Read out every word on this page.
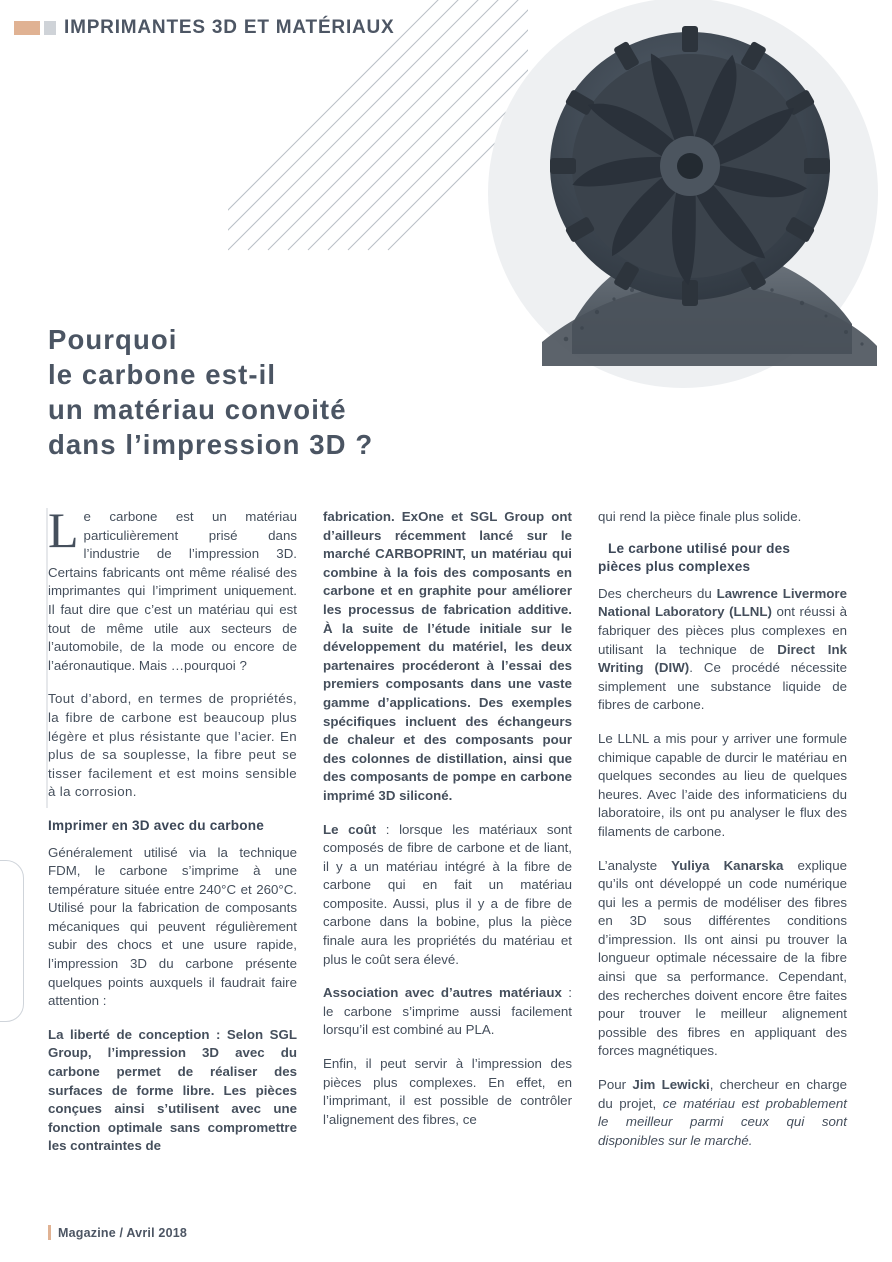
IMPRIMANTES 3D ET MATÉRIAUX
Pourquoi
le carbone est-il
un matériau convoité
dans l’impression 3D ?

Le carbone est un matériau particulièrement prisé dans l’industrie de l’impression 3D. Certains fabricants ont même réalisé des imprimantes qui l’impriment uniquement. Il faut dire que c’est un matériau qui est tout de même utile aux secteurs de l’automobile, de la mode ou encore de l’aéronautique. Mais …pourquoi ?

Tout d’abord, en termes de propriétés, la fibre de carbone est beaucoup plus légère et plus résistante que l’acier. En plus de sa souplesse, la fibre peut se tisser facilement et est moins sensible à la corrosion.

Imprimer en 3D avec du carbone

Généralement utilisé via la technique FDM, le carbone s’imprime à une température située entre 240°C et 260°C. Utilisé pour la fabrication de composants mécaniques qui peuvent régulièrement subir des chocs et une usure rapide, l’impression 3D du carbone présente quelques points auxquels il faudrait faire attention :

La liberté de conception : Selon SGL Group, l’impression 3D avec du carbone permet de réaliser des surfaces de forme libre. Les pièces conçues ainsi s’utilisent avec une fonction optimale sans compromettre les contraintes de

fabrication. ExOne et SGL Group ont d’ailleurs récemment lancé sur le marché CARBOPRINT, un matériau qui combine à la fois des composants en carbone et en graphite pour améliorer les processus de fabrication additive. À la suite de l’étude initiale sur le développement du matériel, les deux partenaires procéderont à l’essai des premiers composants dans une vaste gamme d’applications. Des exemples spécifiques incluent des échangeurs de chaleur et des composants pour des colonnes de distillation, ainsi que des composants de pompe en carbone imprimé 3D siliconé.

Le coût : lorsque les matériaux sont composés de fibre de carbone et de liant, il y a un matériau intégré à la fibre de carbone qui en fait un matériau composite. Aussi, plus il y a de fibre de carbone dans la bobine, plus la pièce finale aura les propriétés du matériau et plus le coût sera élevé.

Association avec d’autres matériaux : le carbone s’imprime aussi facilement lorsqu’il est combiné au PLA.

Enfin, il peut servir à l’impression des pièces plus complexes. En effet, en l’imprimant, il est possible de contrôler l’alignement des fibres, ce

qui rend la pièce finale plus solide.

Le carbone utilisé pour des
pièces plus complexes

Des chercheurs du Lawrence Livermore National Laboratory (LLNL) ont réussi à fabriquer des pièces plus complexes en utilisant la technique de Direct Ink Writing (DIW). Ce procédé nécessite simplement une substance liquide de fibres de carbone.

Le LLNL a mis pour y arriver une formule chimique capable de durcir le matériau en quelques secondes au lieu de quelques heures. Avec l’aide des informaticiens du laboratoire, ils ont pu analyser le flux des filaments de carbone.

L’analyste Yuliya Kanarska explique qu’ils ont développé un code numérique qui les a permis de modéliser des fibres en 3D sous différentes conditions d’impression. Ils ont ainsi pu trouver la longueur optimale nécessaire de la fibre ainsi que sa performance. Cependant, des recherches doivent encore être faites pour trouver le meilleur alignement possible des fibres en appliquant des forces magnétiques.

Pour Jim Lewicki, chercheur en charge du projet, ce matériau est probablement le meilleur parmi ceux qui sont disponibles sur le marché.

Magazine / Avril 2018
